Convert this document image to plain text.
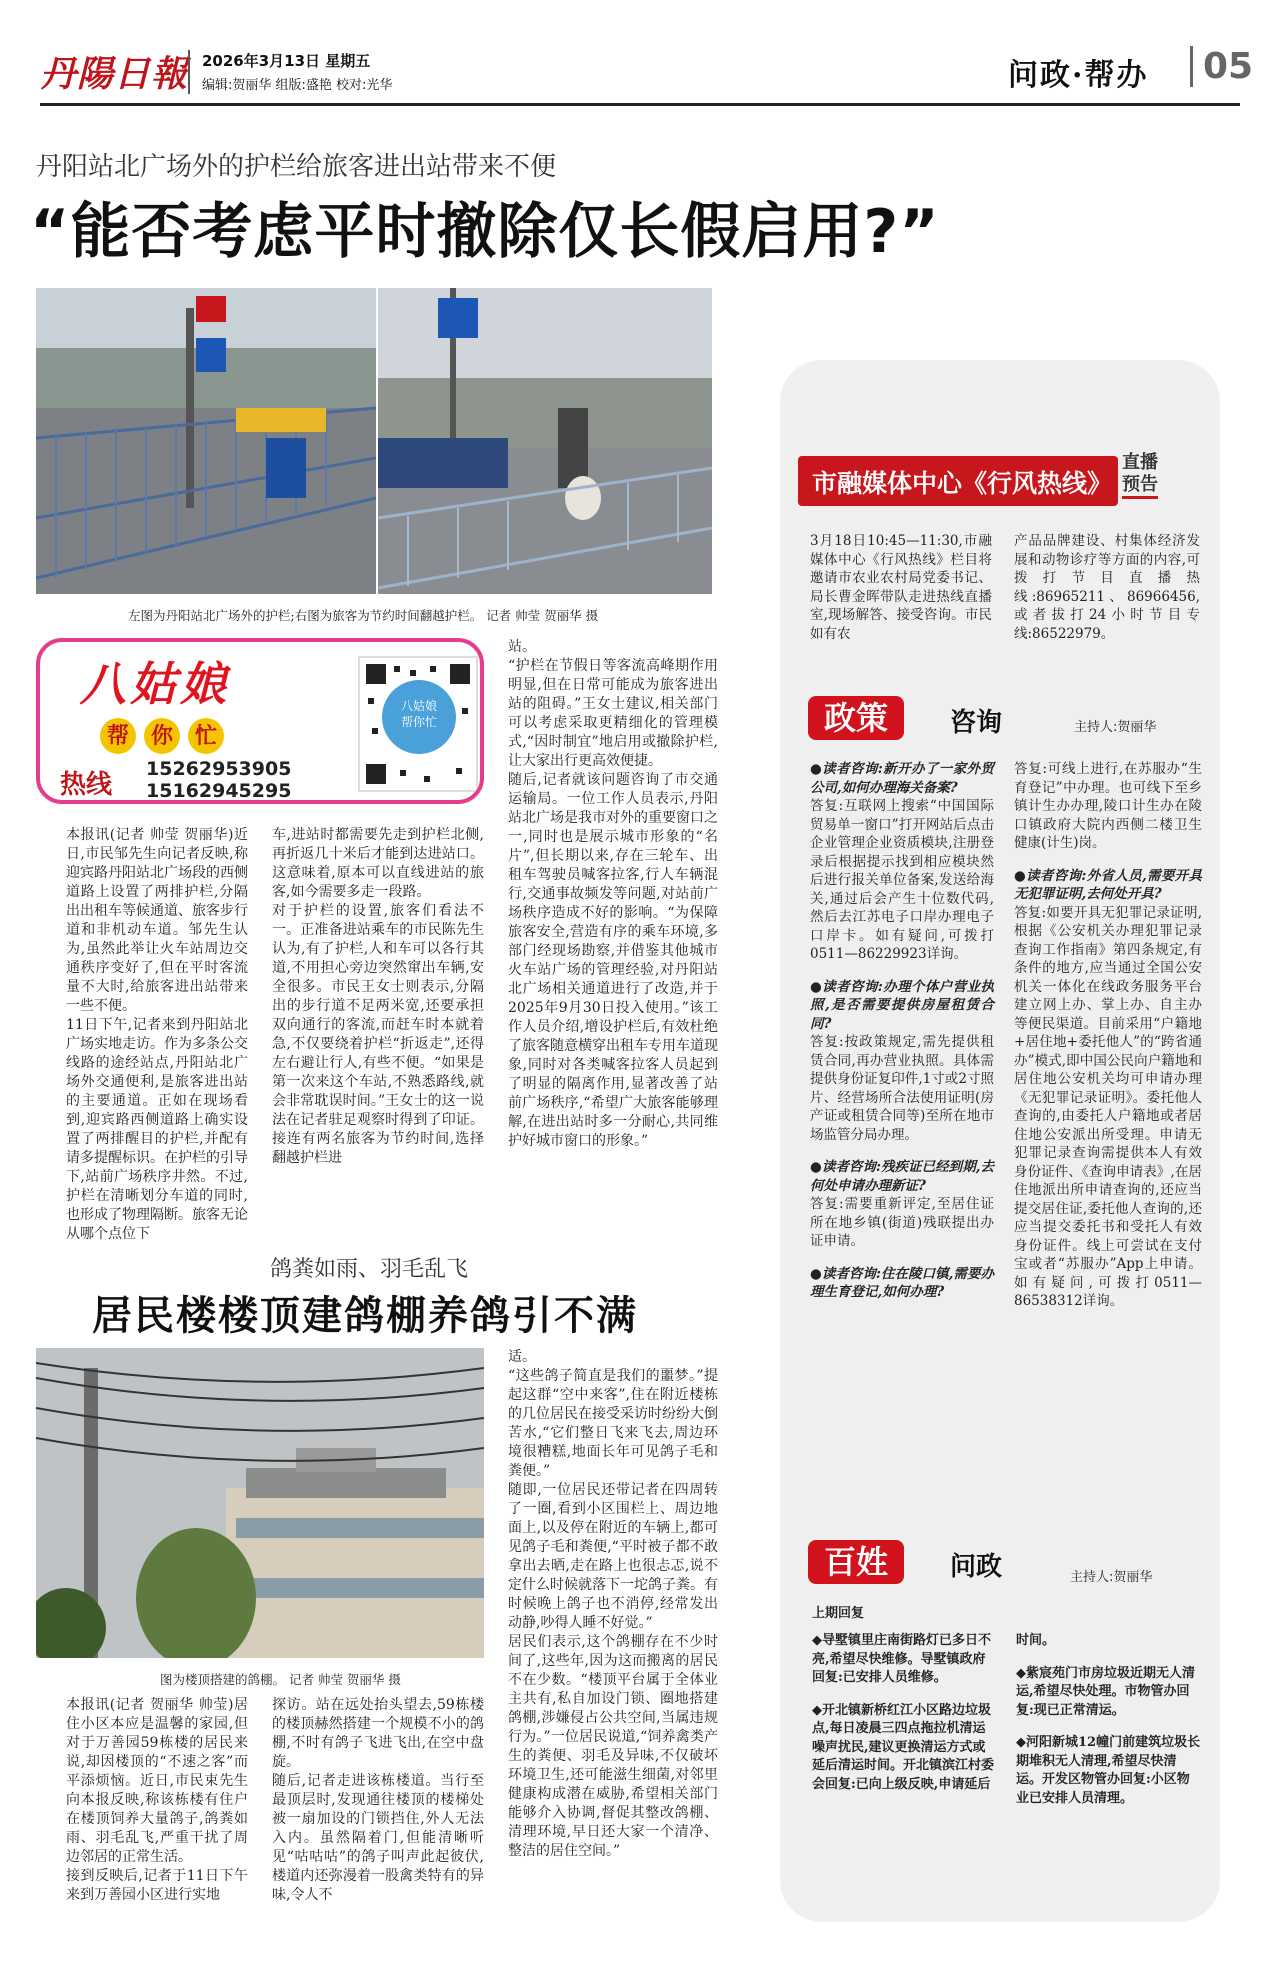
丹陽日報 2026年3月13日 星期五
编辑:贺丽华 组版:盛艳 校对:光华	问政·帮办	05
丹阳站北广场外的护栏给旅客进出站带来不便
“能否考虑平时撤除仅长假启用?”
左图为丹阳站北广场外的护栏;右图为旅客为节约时间翻越护栏。 记者 帅莹 贺丽华 摄
八姑娘
帮 你 忙
热线
15262953905
15162945295
八姑娘
帮你忙
本报讯(记者 帅莹 贺丽华)近日,市民邹先生向记者反映,称迎宾路丹阳站北广场段的西侧道路上设置了两排护栏,分隔出出租车等候通道、旅客步行道和非机动车道。邹先生认为,虽然此举让火车站周边交通秩序变好了,但在平时客流量不大时,给旅客进出站带来一些不便。
11日下午,记者来到丹阳站北广场实地走访。作为多条公交线路的途经站点,丹阳站北广场外交通便利,是旅客进出站的主要通道。正如在现场看到,迎宾路西侧道路上确实设置了两排醒目的护栏,并配有请多提醒标识。在护栏的引导下,站前广场秩序井然。不过,护栏在清晰划分车道的同时,也形成了物理隔断。旅客无论从哪个点位下
车,进站时都需要先走到护栏北侧,再折返几十米后才能到达进站口。这意味着,原本可以直线进站的旅客,如今需要多走一段路。
对于护栏的设置,旅客们看法不一。正准备进站乘车的市民陈先生认为,有了护栏,人和车可以各行其道,不用担心旁边突然窜出车辆,安全很多。市民王女士则表示,分隔出的步行道不足两米宽,还要承担双向通行的客流,而赶车时本就着急,不仅要绕着护栏“折返走”,还得左右避让行人,有些不便。“如果是第一次来这个车站,不熟悉路线,就会非常耽误时间。”王女士的这一说法在记者驻足观察时得到了印证。接连有两名旅客为节约时间,选择翻越护栏进
站。
“护栏在节假日等客流高峰期作用明显,但在日常可能成为旅客进出站的阻碍。”王女士建议,相关部门可以考虑采取更精细化的管理模式,“因时制宜”地启用或撤除护栏,让大家出行更高效便捷。
随后,记者就该问题咨询了市交通运输局。一位工作人员表示,丹阳站北广场是我市对外的重要窗口之一,同时也是展示城市形象的“名片”,但长期以来,存在三轮车、出租车驾驶员喊客拉客,行人车辆混行,交通事故频发等问题,对站前广场秩序造成不好的影响。“为保障旅客安全,营造有序的乘车环境,多部门经现场勘察,并借鉴其他城市火车站广场的管理经验,对丹阳站北广场相关通道进行了改造,并于2025年9月30日投入使用。”该工作人员介绍,增设护栏后,有效杜绝了旅客随意横穿出租车专用车道现象,同时对各类喊客拉客人员起到了明显的隔离作用,显著改善了站前广场秩序,“希望广大旅客能够理解,在进出站时多一分耐心,共同维护好城市窗口的形象。”
鸽粪如雨、羽毛乱飞
居民楼楼顶建鸽棚养鸽引不满
图为楼顶搭建的鸽棚。 记者 帅莹 贺丽华 摄
本报讯(记者 贺丽华 帅莹)居住小区本应是温馨的家园,但对于万善园59栋楼的居民来说,却因楼顶的“不速之客”而平添烦恼。近日,市民束先生向本报反映,称该栋楼有住户在楼顶饲养大量鸽子,鸽粪如雨、羽毛乱飞,严重干扰了周边邻居的正常生活。
接到反映后,记者于11日下午来到万善园小区进行实地
探访。站在远处抬头望去,59栋楼的楼顶赫然搭建一个规模不小的鸽棚,不时有鸽子飞进飞出,在空中盘旋。
随后,记者走进该栋楼道。当行至最顶层时,发现通往楼顶的楼梯处被一扇加设的门锁挡住,外人无法入内。虽然隔着门,但能清晰听见“咕咕咕”的鸽子叫声此起彼伏,楼道内还弥漫着一股禽类特有的异味,令人不
适。
“这些鸽子简直是我们的噩梦。”提起这群“空中来客”,住在附近楼栋的几位居民在接受采访时纷纷大倒苦水,“它们整日飞来飞去,周边环境很糟糕,地面长年可见鸽子毛和粪便。”
随即,一位居民还带记者在四周转了一圈,看到小区围栏上、周边地面上,以及停在附近的车辆上,都可见鸽子毛和粪便,“平时被子都不敢拿出去晒,走在路上也很忐忑,说不定什么时候就落下一坨鸽子粪。有时候晚上鸽子也不消停,经常发出动静,吵得人睡不好觉。”
居民们表示,这个鸽棚存在不少时间了,这些年,因为这而搬离的居民不在少数。“楼顶平台属于全体业主共有,私自加设门锁、圈地搭建鸽棚,涉嫌侵占公共空间,当属违规行为。”一位居民说道,“饲养禽类产生的粪便、羽毛及异味,不仅破坏环境卫生,还可能滋生细菌,对邻里健康构成潜在威胁,希望相关部门能够介入协调,督促其整改鸽棚、清理环境,早日还大家一个清净、整洁的居住空间。”
市融媒体中心《行风热线》
直播
预告
3月18日10:45—11:30,市融媒体中心《行风热线》栏目将邀请市农业农村局党委书记、局长曹金晖带队走进热线直播室,现场解答、接受咨询。市民如有农
产品品牌建设、村集体经济发展和动物诊疗等方面的内容,可拨打节目直播热线:86965211、86966456,或者拔打24小时节目专线:86522979。
政策	咨询	主持人:贺丽华

●读者咨询:新开办了一家外贸公司,如何办理海关备案?

答复:互联网上搜索“中国国际贸易单一窗口”打开网站后点击企业管理企业资质模块,注册登录后根据提示找到相应模块然后进行报关单位备案,发送给海关,通过后会产生十位数代码,然后去江苏电子口岸办理电子口岸卡。如有疑问,可拨打0511—86229923详询。

●读者咨询:办理个体户营业执照,是否需要提供房屋租赁合同?

答复:按政策规定,需先提供租赁合同,再办营业执照。具体需提供身份证复印件,1寸或2寸照片、经营场所合法使用证明(房产证或租赁合同等)至所在地市场监管分局办理。

●读者咨询:残疾证已经到期,去何处申请办理新证?

答复:需要重新评定,至居住证所在地乡镇(街道)残联提出办证申请。

●读者咨询:住在陵口镇,需要办理生育登记,如何办理?

答复:可线上进行,在苏服办“生育登记”中办理。也可线下至乡镇计生办办理,陵口计生办在陵口镇政府大院内西侧二楼卫生健康(计生)岗。

●读者咨询:外省人员,需要开具无犯罪证明,去何处开具?

答复:如要开具无犯罪记录证明,根据《公安机关办理犯罪记录查询工作指南》第四条规定,有条件的地方,应当通过全国公安机关一体化在线政务服务平台建立网上办、掌上办、自主办等便民渠道。目前采用“户籍地+居住地+委托他人”的“跨省通办”模式,即中国公民向户籍地和居住地公安机关均可申请办理《无犯罪记录证明》。委托他人查询的,由委托人户籍地或者居住地公安派出所受理。申请无犯罪记录查询需提供本人有效身份证件、《查询申请表》,在居住地派出所申请查询的,还应当提交居住证,委托他人查询的,还应当提交委托书和受托人有效身份证件。线上可尝试在支付宝或者“苏服办”App上申请。如有疑问,可拨打0511—86538312详询。

百姓	问政	主持人:贺丽华
上期回复

◆导墅镇里庄南街路灯已多日不亮,希望尽快维修。导墅镇政府回复:已安排人员维修。

◆开北镇新桥红江小区路边垃圾点,每日凌晨三四点拖拉机清运噪声扰民,建议更换清运方式或延后清运时间。开北镇滨江村委会回复:已向上级反映,申请延后

时间。

◆紫宸苑门市房垃圾近期无人清运,希望尽快处理。市物管办回复:现已正常清运。

◆河阳新城12幢门前建筑垃圾长期堆积无人清理,希望尽快清运。开发区物管办回复:小区物业已安排人员清理。
